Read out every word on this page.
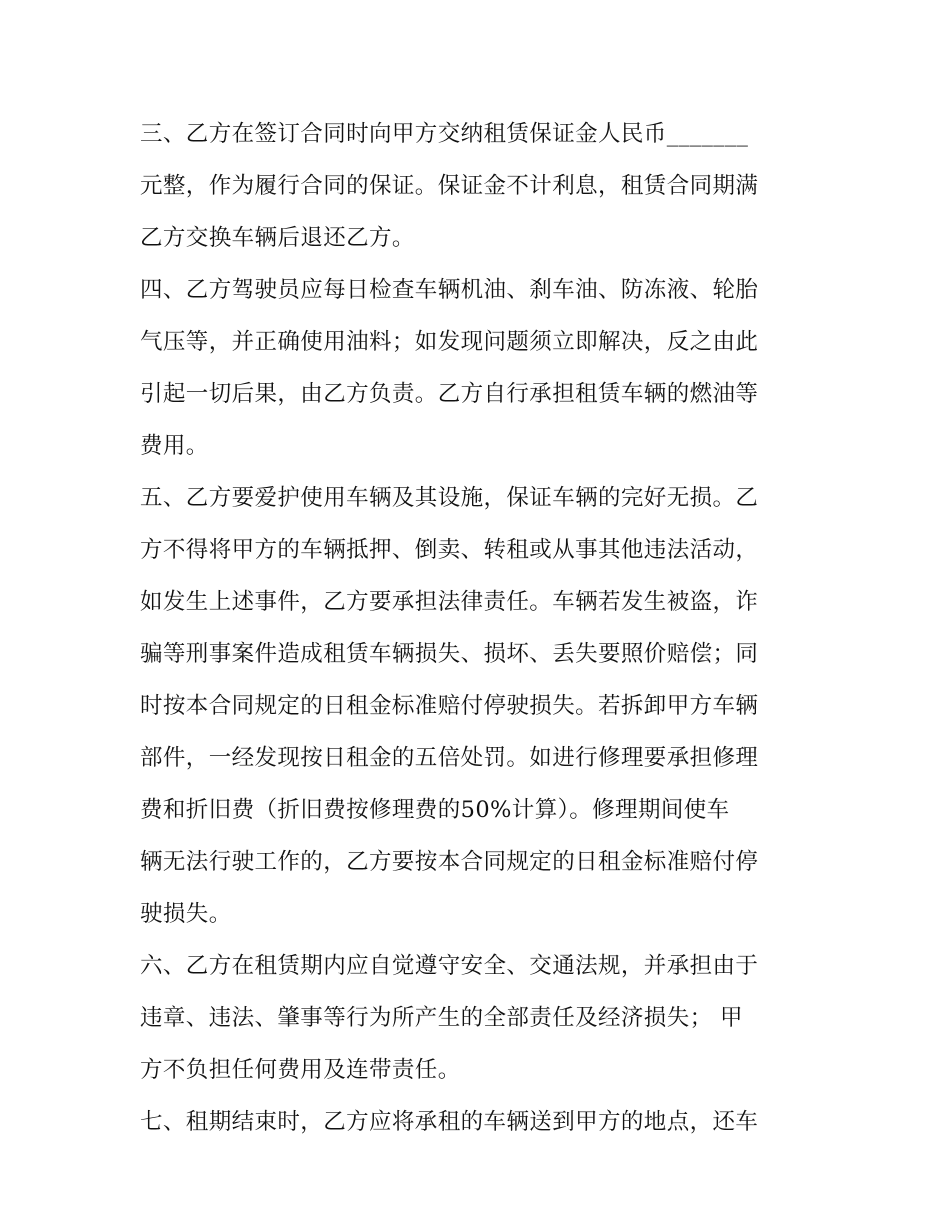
三、乙方在签订合同时向甲方交纳租赁保证金人民币_______
元整，作为履行合同的保证。保证金不计利息，租赁合同期满
乙方交换车辆后退还乙方。
四、乙方驾驶员应每日检查车辆机油、刹车油、防冻液、轮胎
气压等，并正确使用油料；如发现问题须立即解决，反之由此
引起一切后果，由乙方负责。乙方自行承担租赁车辆的燃油等
费用。
五、乙方要爱护使用车辆及其设施，保证车辆的完好无损。乙
方不得将甲方的车辆抵押、倒卖、转租或从事其他违法活动，
如发生上述事件，乙方要承担法律责任。车辆若发生被盗，诈
骗等刑事案件造成租赁车辆损失、损坏、丢失要照价赔偿；同
时按本合同规定的日租金标准赔付停驶损失。若拆卸甲方车辆
部件，一经发现按日租金的五倍处罚。如进行修理要承担修理
费和折旧费（折旧费按修理费的50%计算）。修理期间使车
辆无法行驶工作的，乙方要按本合同规定的日租金标准赔付停
驶损失。
六、乙方在租赁期内应自觉遵守安全、交通法规，并承担由于
违章、违法、肇事等行为所产生的全部责任及经济损失； 甲
方不负担任何费用及连带责任。
七、租期结束时，乙方应将承租的车辆送到甲方的地点，还车
